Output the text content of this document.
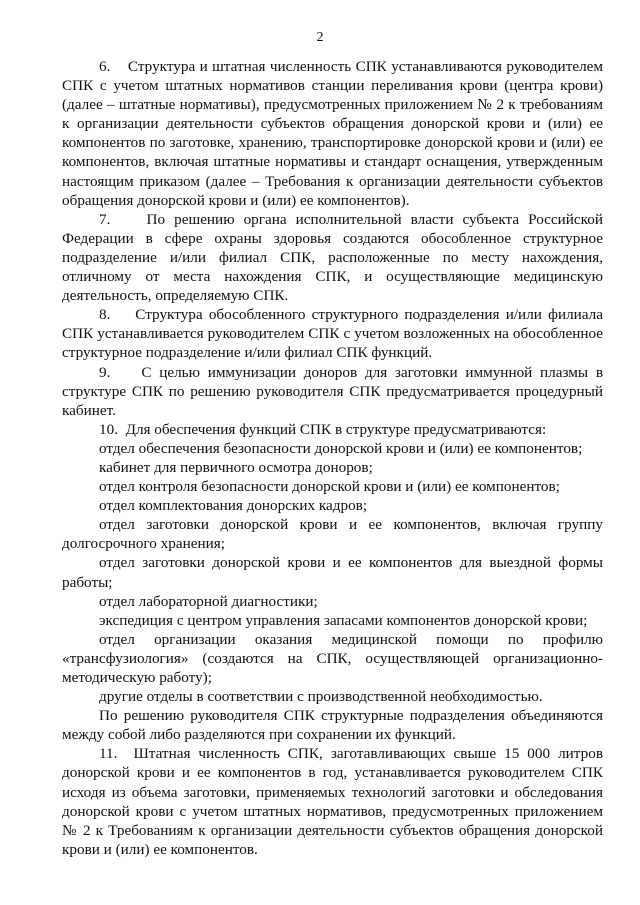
2

6.    Структура и штатная численность СПК устанавливаются руководителем СПК с учетом штатных нормативов станции переливания крови (центра крови) (далее – штатные нормативы), предусмотренных приложением № 2 к требованиям к организации деятельности субъектов обращения донорской крови и (или) ее компонентов по заготовке, хранению, транспортировке донорской крови и (или) ее компонентов, включая штатные нормативы и стандарт оснащения, утвержденным настоящим приказом (далее – Требования к организации деятельности субъектов обращения донорской крови и (или) ее компонентов).

7.    По решению органа исполнительной власти субъекта Российской Федерации в сфере охраны здоровья создаются обособленное структурное подразделение и/или филиал СПК, расположенные по месту нахождения, отличному от места нахождения СПК, и осуществляющие медицинскую деятельность, определяемую СПК.

8.    Структура обособленного структурного подразделения и/или филиала СПК устанавливается руководителем СПК с учетом возложенных на обособленное структурное подразделение и/или филиал СПК функций.

9.    С целью иммунизации доноров для заготовки иммунной плазмы в структуре СПК по решению руководителя СПК предусматривается процедурный кабинет.

10.  Для обеспечения функций СПК в структуре предусматриваются:

отдел обеспечения безопасности донорской крови и (или) ее компонентов;

кабинет для первичного осмотра доноров;

отдел контроля безопасности донорской крови и (или) ее компонентов;

отдел комплектования донорских кадров;

отдел заготовки донорской крови и ее компонентов, включая группу долгосрочного хранения;

отдел заготовки донорской крови и ее компонентов для выездной формы работы;

отдел лабораторной диагностики;

экспедиция с центром управления запасами компонентов донорской крови;

отдел организации оказания медицинской помощи по профилю «трансфузиология» (создаются на СПК, осуществляющей организационно-методическую работу);

другие отделы в соответствии с производственной необходимостью.

По решению руководителя СПК структурные подразделения объединяются между собой либо разделяются при сохранении их функций.

11.  Штатная численность СПК, заготавливающих свыше 15 000 литров донорской крови и ее компонентов в год, устанавливается руководителем СПК исходя из объема заготовки, применяемых технологий заготовки и обследования донорской крови с учетом штатных нормативов, предусмотренных приложением № 2 к Требованиям к организации деятельности субъектов обращения донорской крови и (или) ее компонентов.
